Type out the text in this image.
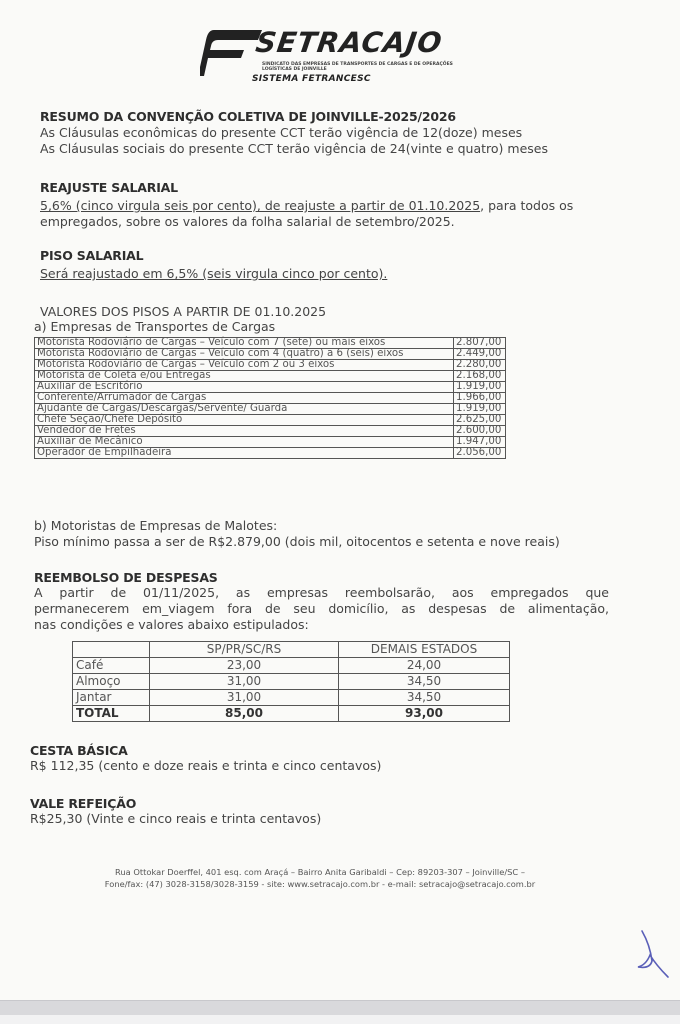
SETRACAJO
SINDICATO DAS EMPRESAS DE TRANSPORTES DE CARGAS E DE OPERAÇÕES LOGÍSTICAS DE JOINVILLE
SISTEMA FETRANCESC
RESUMO DA CONVENÇÃO COLETIVA DE JOINVILLE-2025/2026
As Cláusulas econômicas do presente CCT terão vigência de 12(doze) meses
As Cláusulas sociais do presente CCT terão vigência de 24(vinte e quatro) meses
REAJUSTE SALARIAL
5,6% (cinco virgula seis por cento), de reajuste a partir de 01.10.2025, para todos os
empregados, sobre os valores da folha salarial de setembro/2025.
PISO SALARIAL
Será reajustado em 6,5% (seis virgula cinco por cento).
VALORES DOS PISOS A PARTIR DE 01.10.2025
a) Empresas de Transportes de Cargas
Motorista Rodoviário de Cargas – Veículo com 7 (sete) ou mais eixos	2.807,00
Motorista Rodoviário de Cargas – Veículo com 4 (quatro) a 6 (seis) eixos	2.449,00
Motorista Rodoviário de Cargas – Veículo com 2 ou 3 eixos	2.280,00
Motorista de Coleta e/ou Entregas	2.168,00
Auxiliar de Escritório	1.919,00
Conferente/Arrumador de Cargas	1.966,00
Ajudante de Cargas/Descargas/Servente/ Guarda	1.919,00
Chefe Seção/Chefe Depósito	2.625,00
Vendedor de Fretes	2.600,00
Auxiliar de Mecânico	1.947,00
Operador de Empilhadeira	2.056,00
b) Motoristas de Empresas de Malotes:
Piso mínimo passa a ser de R$2.879,00 (dois mil, oitocentos e setenta e nove reais)
REEMBOLSO DE DESPESAS
A partir de 01/11/2025, as empresas reembolsarão, aos empregados que
permanecerem em_viagem fora de seu domicílio, as despesas de alimentação,
nas condições e valores abaixo estipulados:
	SP/PR/SC/RS	DEMAIS ESTADOS
Café	23,00	24,00
Almoço	31,00	34,50
Jantar	31,00	34,50
TOTAL	85,00	93,00
CESTA BÁSICA
R$ 112,35 (cento e doze reais e trinta e cinco centavos)
VALE REFEIÇÃO
R$25,30 (Vinte e cinco reais e trinta centavos)
Rua Ottokar Doerffel, 401 esq. com Araçá – Bairro Anita Garibaldi – Cep: 89203-307 – Joinville/SC –
Fone/fax: (47) 3028-3158/3028-3159 - site: www.setracajo.com.br - e-mail: setracajo@setracajo.com.br
